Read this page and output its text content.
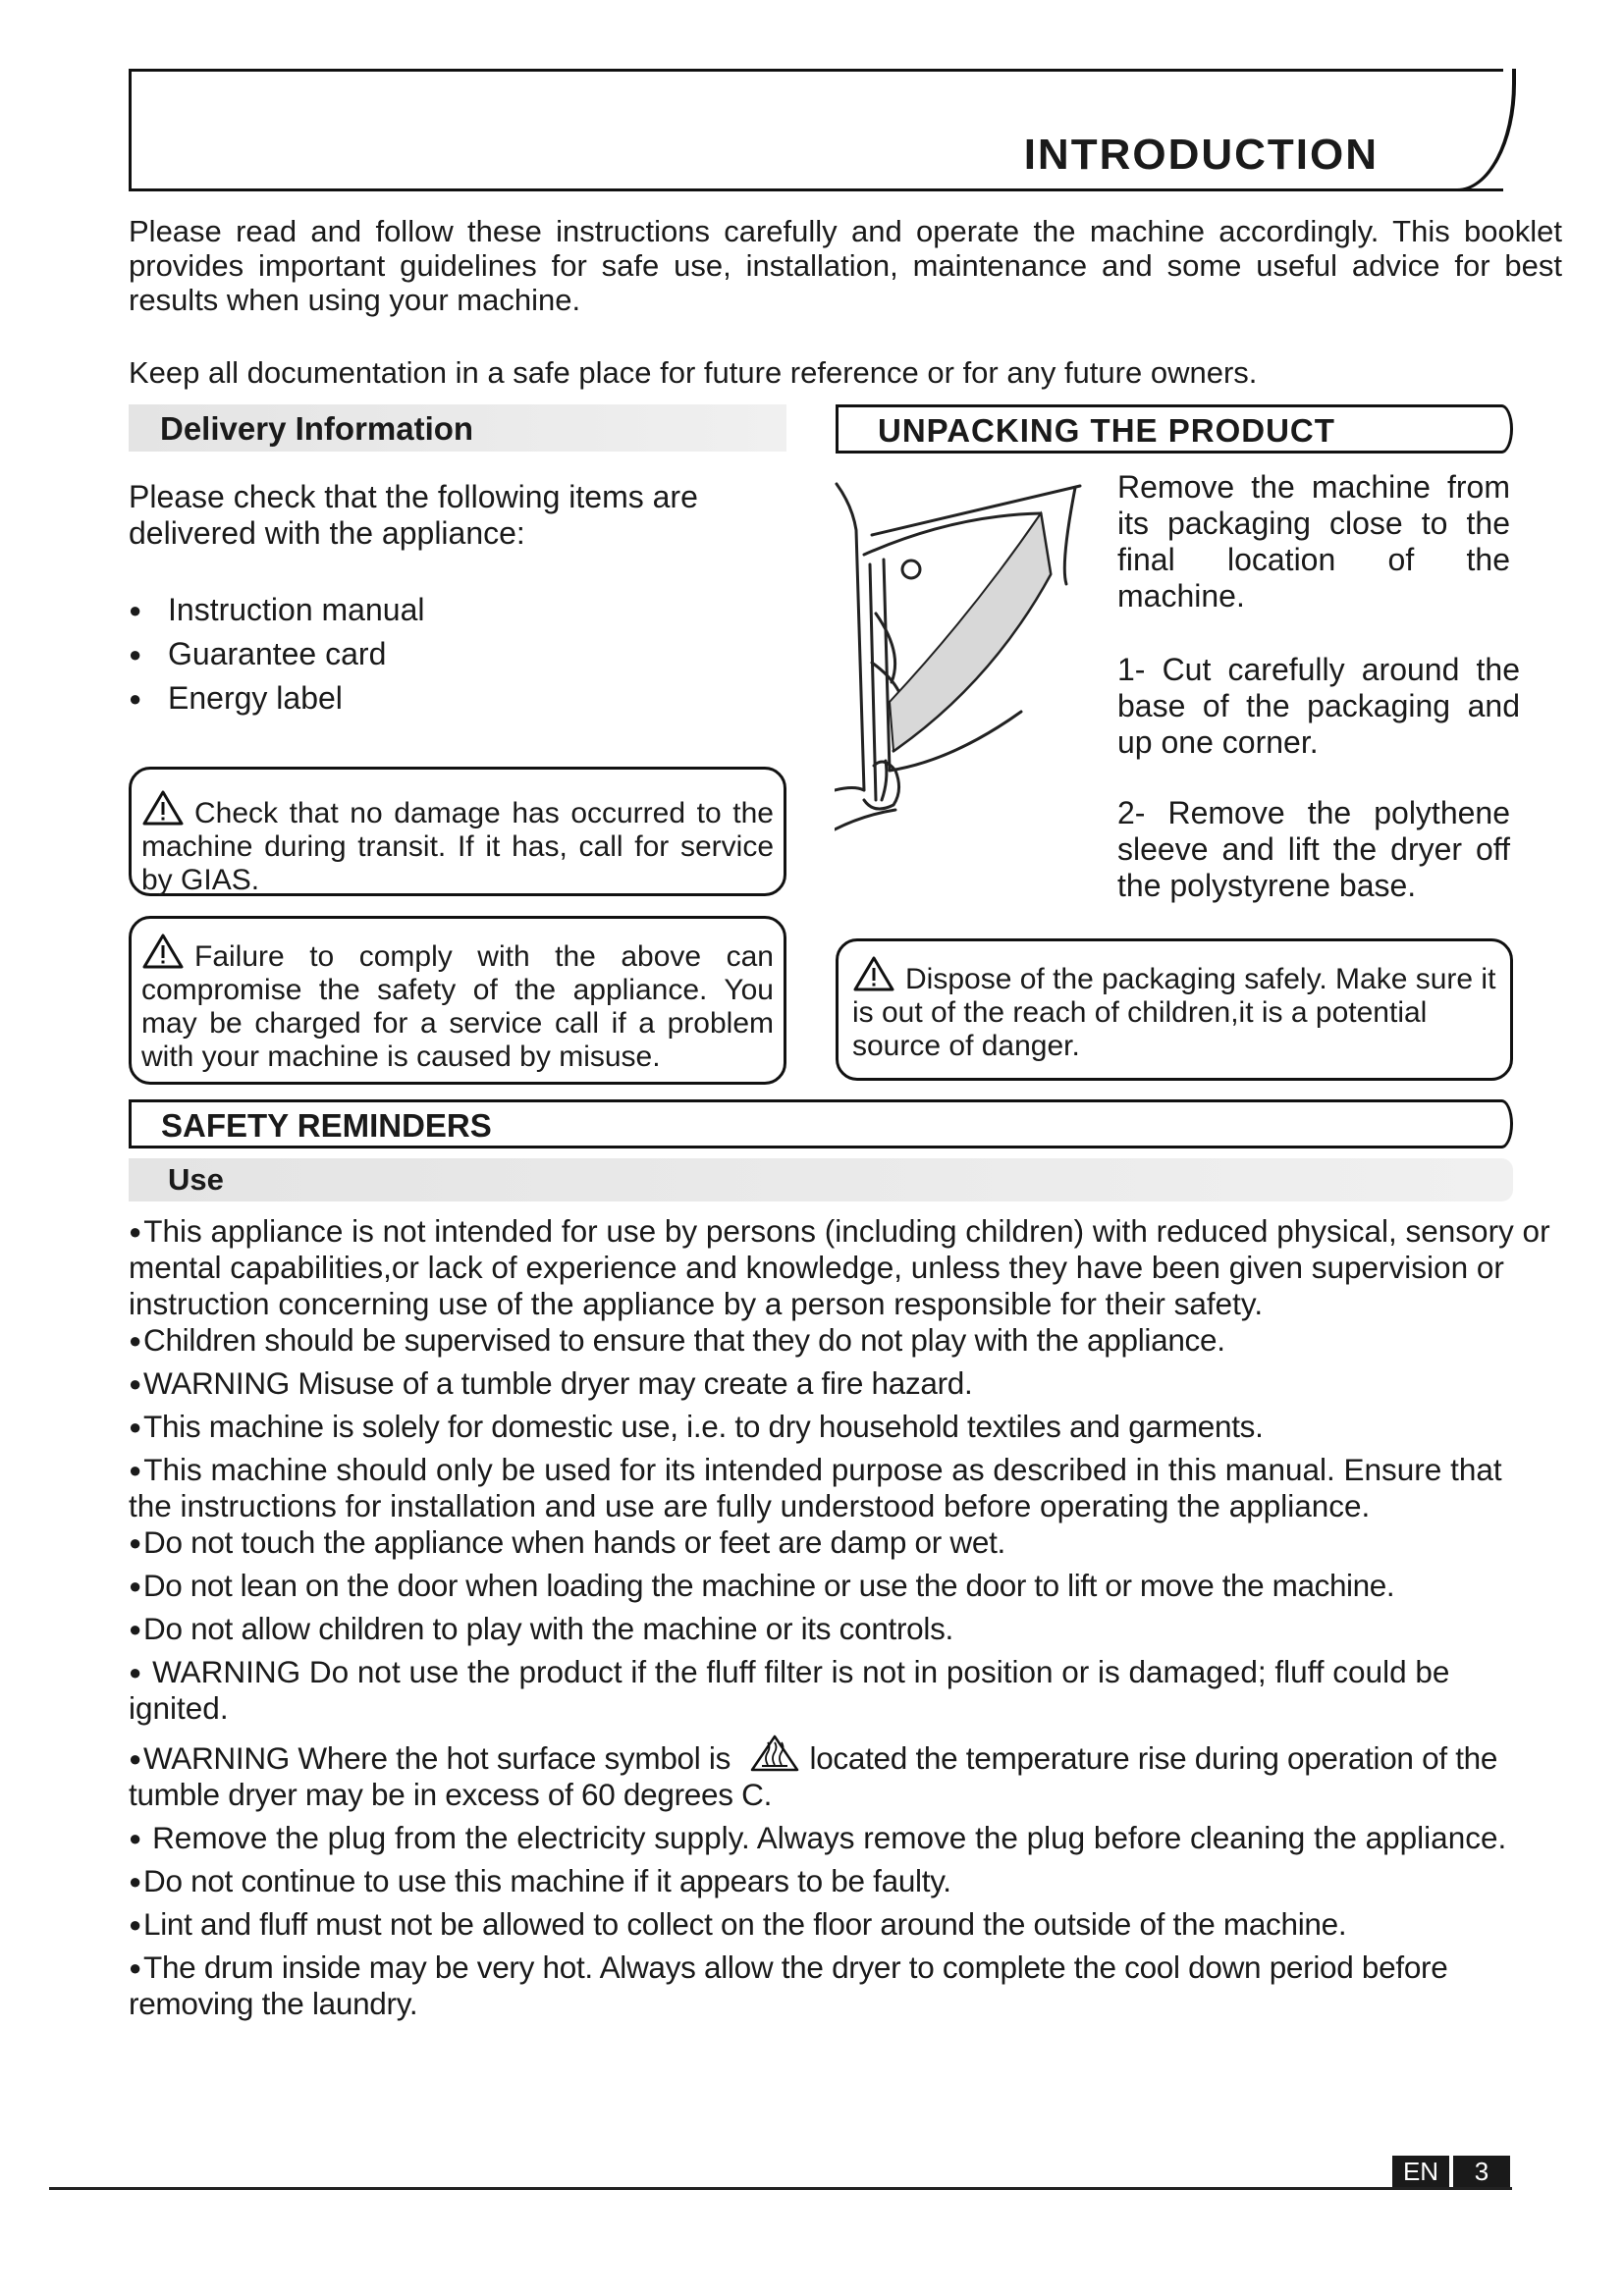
INTRODUCTION
Please read and follow these instructions carefully and operate the machine accordingly. This booklet provides important guidelines for safe use, installation, maintenance and some useful advice for best results when using your machine.
Keep all documentation in a safe place for future reference or for any future owners.
Delivery Information
Please check that the following items are delivered with the appliance:
● Instruction manual
● Guarantee card
● Energy label
Check that no damage has occurred to the machine during transit. If it has, call for service by GIAS.
Failure to comply with the above can compromise the safety of the appliance. You may be charged for a service call if a problem with your machine is caused by misuse.
UNPACKING THE PRODUCT
Remove the machine from its packaging close to the final location of the machine.
1- Cut carefully around the base of the packaging and up one corner.
2- Remove the polythene sleeve and lift the dryer off the polystyrene base.
Dispose of the packaging safely. Make sure it is out of the reach of children,it is a potential source of danger.
SAFETY REMINDERS
Use

●This appliance is not intended for use by persons (including children) with reduced physical, sensory or mental capabilities,or lack of experience and knowledge, unless they have been given supervision or instruction concerning use of the appliance by a person responsible for their safety.

●Children should be supervised to ensure that they do not play with the appliance.

●WARNING Misuse of a tumble dryer may create a fire hazard.

●This machine is solely for domestic use, i.e. to dry household textiles and garments.

●This machine should only be used for its intended purpose as described in this manual. Ensure that the instructions for installation and use are fully understood before operating the appliance.

●Do not touch the appliance when hands or feet are damp or wet.

●Do not lean on the door when loading the machine or use the door to lift or move the machine.

●Do not allow children to play with the machine or its controls.

● WARNING Do not use the product if the fluff filter is not in position or is damaged; fluff could be ignited.

●WARNING Where the hot surface symbol is	located the temperature rise during operation of the tumble dryer may be in excess of 60 degrees C.

● Remove the plug from the electricity supply. Always remove the plug before cleaning the appliance.

●Do not continue to use this machine if it appears to be faulty.

●Lint and fluff must not be allowed to collect on the floor around the outside of the machine.

●The drum inside may be very hot. Always allow the dryer to complete the cool down period before removing the laundry.

EN	3
